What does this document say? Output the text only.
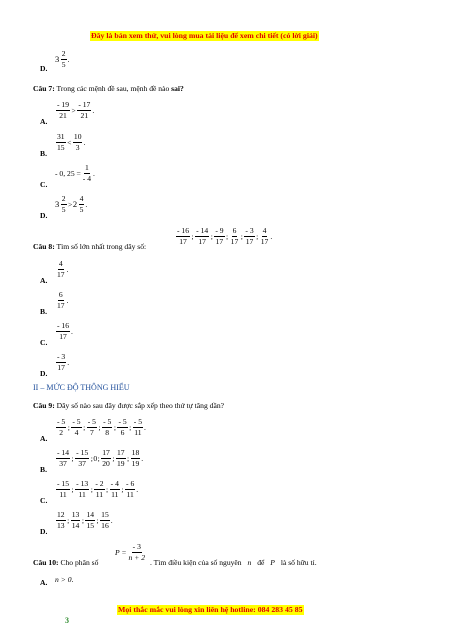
Đây là bản xem thử, vui lòng mua tài liệu để xem chi tiết (có lời giải)
D.
$3 \frac{2}{5}$ .
Câu 7: Trong các mệnh đề sau, mệnh đề nào sai?
A.
$\frac{- 19}{21} > \frac{- 17}{21}$ .
B.
$\frac{31}{15} < \frac{10}{3}$ .
C.
- 0, $25 = \frac{1}{- 4}$ .
D.
$3 \frac{2}{5} > 2 \frac{4}{5}$ .
Câu 8: Tìm số lớn nhất trong dãy số:
$\frac{- 16}{17}$ ; $\frac{- 14}{17}$ ; $\frac{- 9}{17}$ ; $\frac{6}{17}$ ; $\frac{- 3}{17}$ ; $\frac{4}{17}$ .
A.
$\frac{4}{17}$ .
B.
$\frac{6}{17}$ .
C.
$\frac{- 16}{17}$ .
D.
$\frac{- 3}{17}$ .
II – MỨC ĐỘ THÔNG HIỂU
Câu 9: Dãy số nào sau đây được sắp xếp theo thứ tự tăng dần?
A.
$\frac{- 5}{2}$ ; $\frac{- 5}{4}$ ; $\frac{- 5}{7}$ ; $\frac{- 5}{8}$ ; $\frac{- 5}{6}$ ; $\frac{- 5}{11}$ .
B.
$\frac{- 14}{37}$ ; $\frac{- 15}{37}$ ; 0 ; $\frac{17}{20}$ ; $\frac{17}{19}$ ; $\frac{18}{19}$ .
C.
$\frac{- 15}{11}$ ; $\frac{- 13}{11}$ ; $\frac{- 2}{11}$ ; $\frac{- 4}{11}$ ; $\frac{- 6}{11}$ .
D.
$\frac{12}{13}$ ; $\frac{13}{14}$ ; $\frac{14}{15}$ ; $\frac{15}{16}$ .
Câu 10: Cho phân số
$P = \frac{- 3}{n + 2}$
. Tìm điều kiện của số nguyên n để P là số hữu tỉ.
A. n > 0.
Mọi thắc mắc vui lòng xin liên hệ hotline: 084 283 45 85
3
